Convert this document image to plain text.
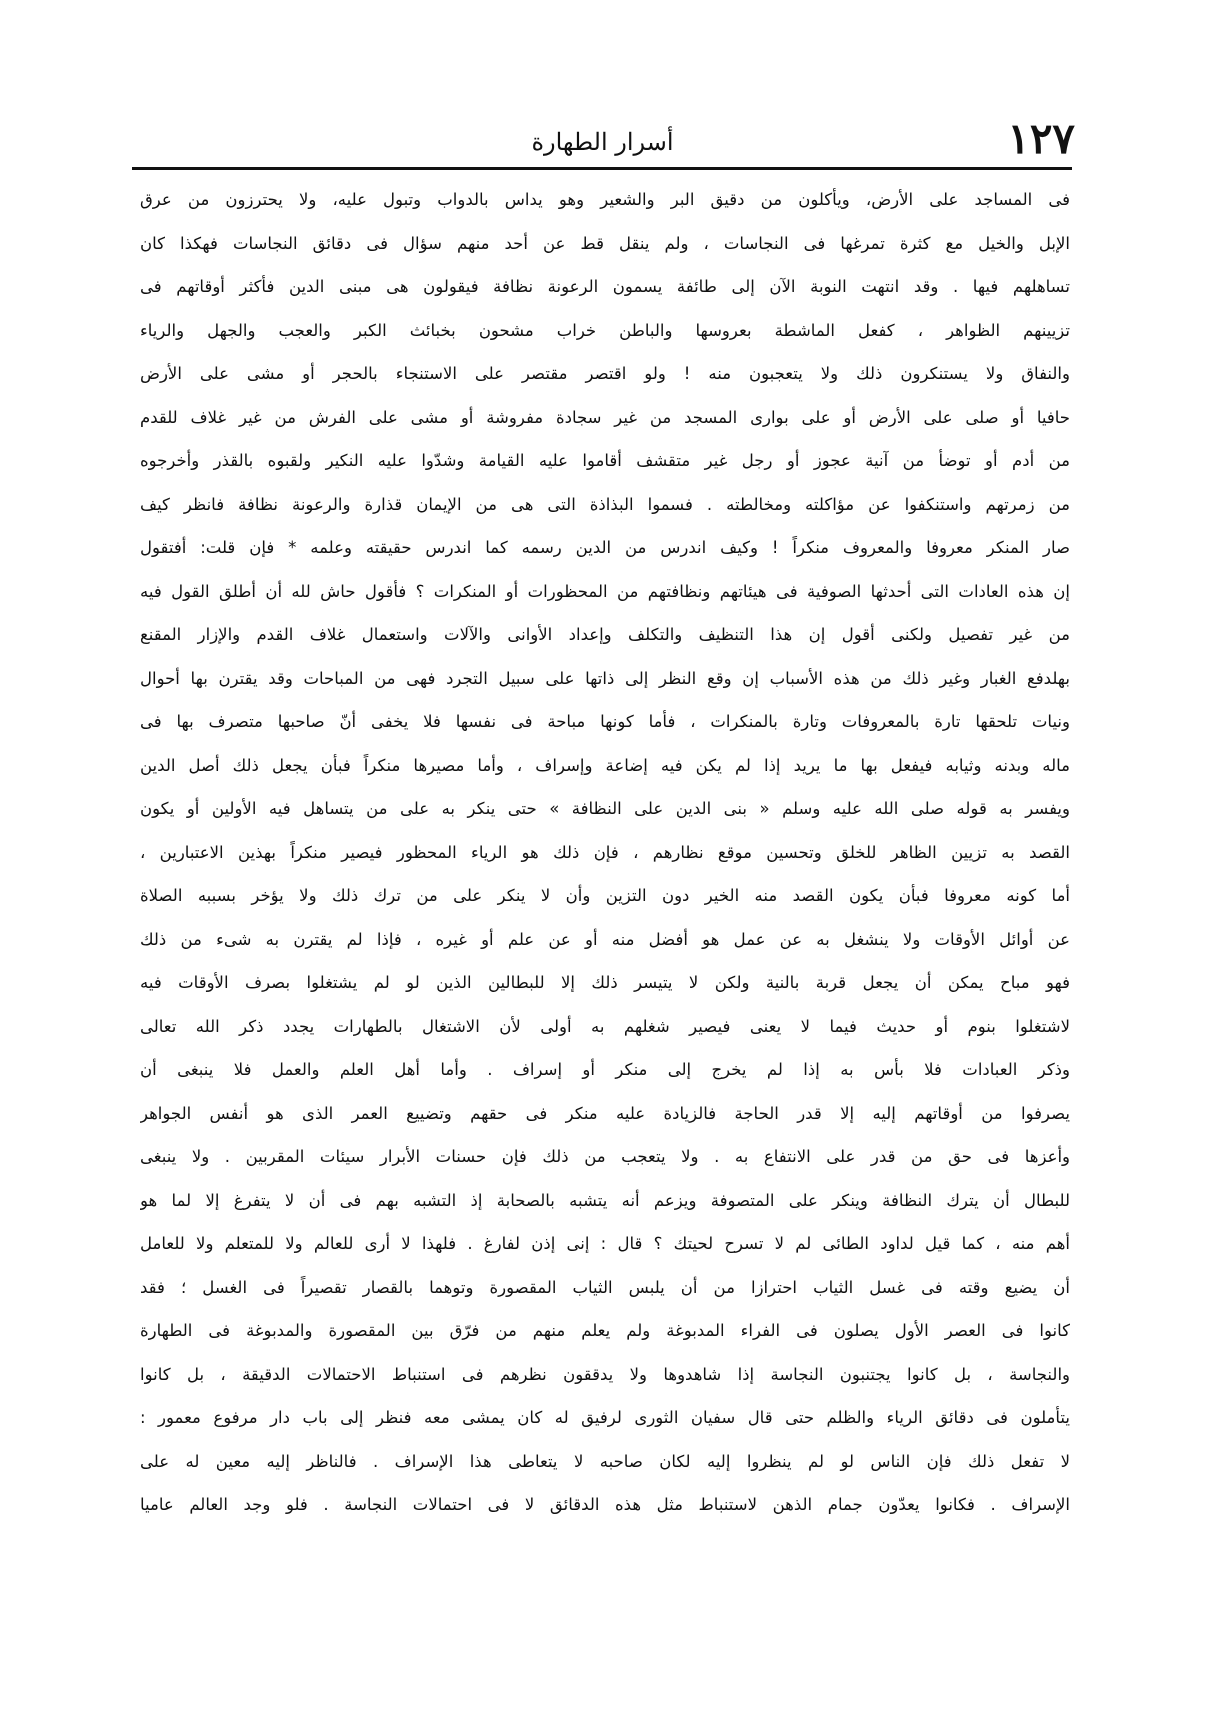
١٢٧
أسرار الطهارة
فى المساجد على الأرض، ويأكلون من دقيق البر والشعير وهو يداس بالدواب وتبول عليه، ولا يحترزون من عرق
الإبل والخيل مع كثرة تمرغها فى النجاسات ، ولم ينقل قط عن أحد منهم سؤال فى دقائق النجاسات فهكذا كان
تساهلهم فيها . وقد انتهت النوبة الآن إلى طائفة يسمون الرعونة نظافة فيقولون هى مبنى الدين فأكثر أوقاتهم فى
تزيينهم الظواهر ، كفعل الماشطة بعروسها والباطن خراب مشحون بخبائث الكبر والعجب والجهل والرياء
والنفاق ولا يستنكرون ذلك ولا يتعجبون منه ! ولو اقتصر مقتصر على الاستنجاء بالحجر أو مشى على الأرض
حافيا أو صلى على الأرض أو على بوارى المسجد من غير سجادة مفروشة أو مشى على الفرش من غير غلاف للقدم
من أدم أو توضأ من آنية عجوز أو رجل غير متقشف أقاموا عليه القيامة وشدّوا عليه النكير ولقبوه بالقذر وأخرجوه
من زمرتهم واستنكفوا عن مؤاكلته ومخالطته . فسموا البذاذة التى هى من الإيمان قذارة والرعونة نظافة فانظر كيف
صار المنكر معروفا والمعروف منكراً ! وكيف اندرس من الدين رسمه كما اندرس حقيقته وعلمه * فإن قلت: أفتقول
إن هذه العادات التى أحدثها الصوفية فى هيئاتهم ونظافتهم من المحظورات أو المنكرات ؟ فأقول حاش لله أن أطلق القول فيه
من غير تفصيل ولكنى أقول إن هذا التنظيف والتكلف وإعداد الأوانى والآلات واستعمال غلاف القدم والإزار المقنع
بهلدفع الغبار وغير ذلك من هذه الأسباب إن وقع النظر إلى ذاتها على سبيل التجرد فهى من المباحات وقد يقترن بها أحوال
ونيات تلحقها تارة بالمعروفات وتارة بالمنكرات ، فأما كونها مباحة فى نفسها فلا يخفى أنّ صاحبها متصرف بها فى
ماله وبدنه وثيابه فيفعل بها ما يريد إذا لم يكن فيه إضاعة وإسراف ، وأما مصيرها منكراً فبأن يجعل ذلك أصل الدين
ويفسر به قوله صلى الله عليه وسلم « بنى الدين على النظافة » حتى ينكر به على من يتساهل فيه الأولين أو يكون
القصد به تزيين الظاهر للخلق وتحسين موقع نظارهم ، فإن ذلك هو الرياء المحظور فيصير منكراً بهذين الاعتبارين ،
أما كونه معروفا فبأن يكون القصد منه الخير دون التزين وأن لا ينكر على من ترك ذلك ولا يؤخر بسببه الصلاة
عن أوائل الأوقات ولا ينشغل به عن عمل هو أفضل منه أو عن علم أو غيره ، فإذا لم يقترن به شىء من ذلك
فهو مباح يمكن أن يجعل قربة بالنية ولكن لا يتيسر ذلك إلا للبطالين الذين لو لم يشتغلوا بصرف الأوقات فيه
لاشتغلوا بنوم أو حديث فيما لا يعنى فيصير شغلهم به أولى لأن الاشتغال بالطهارات يجدد ذكر الله تعالى
وذكر العبادات فلا بأس به إذا لم يخرج إلى منكر أو إسراف . وأما أهل العلم والعمل فلا ينبغى أن
يصرفوا من أوقاتهم إليه إلا قدر الحاجة فالزيادة عليه منكر فى حقهم وتضييع العمر الذى هو أنفس الجواهر
وأعزها فى حق من قدر على الانتفاع به . ولا يتعجب من ذلك فإن حسنات الأبرار سيئات المقربين . ولا ينبغى
للبطال أن يترك النظافة وينكر على المتصوفة ويزعم أنه يتشبه بالصحابة إذ التشبه بهم فى أن لا يتفرغ إلا لما هو
أهم منه ، كما قيل لداود الطائى لم لا تسرح لحيتك ؟ قال : إنى إذن لفارغ . فلهذا لا أرى للعالم ولا للمتعلم ولا للعامل
أن يضيع وقته فى غسل الثياب احترازا من أن يلبس الثياب المقصورة وتوهما بالقصار تقصيراً فى الغسل ؛ فقد
كانوا فى العصر الأول يصلون فى الفراء المدبوغة ولم يعلم منهم من فرّق بين المقصورة والمدبوغة فى الطهارة
والنجاسة ، بل كانوا يجتنبون النجاسة إذا شاهدوها ولا يدققون نظرهم فى استنباط الاحتمالات الدقيقة ، بل كانوا
يتأملون فى دقائق الرياء والظلم حتى قال سفيان الثورى لرفيق له كان يمشى معه فنظر إلى باب دار مرفوع معمور :
لا تفعل ذلك فإن الناس لو لم ينظروا إليه لكان صاحبه لا يتعاطى هذا الإسراف . فالناظر إليه معين له على
الإسراف . فكانوا يعدّون جمام الذهن لاستنباط مثل هذه الدقائق لا فى احتمالات النجاسة . فلو وجد العالم عاميا
